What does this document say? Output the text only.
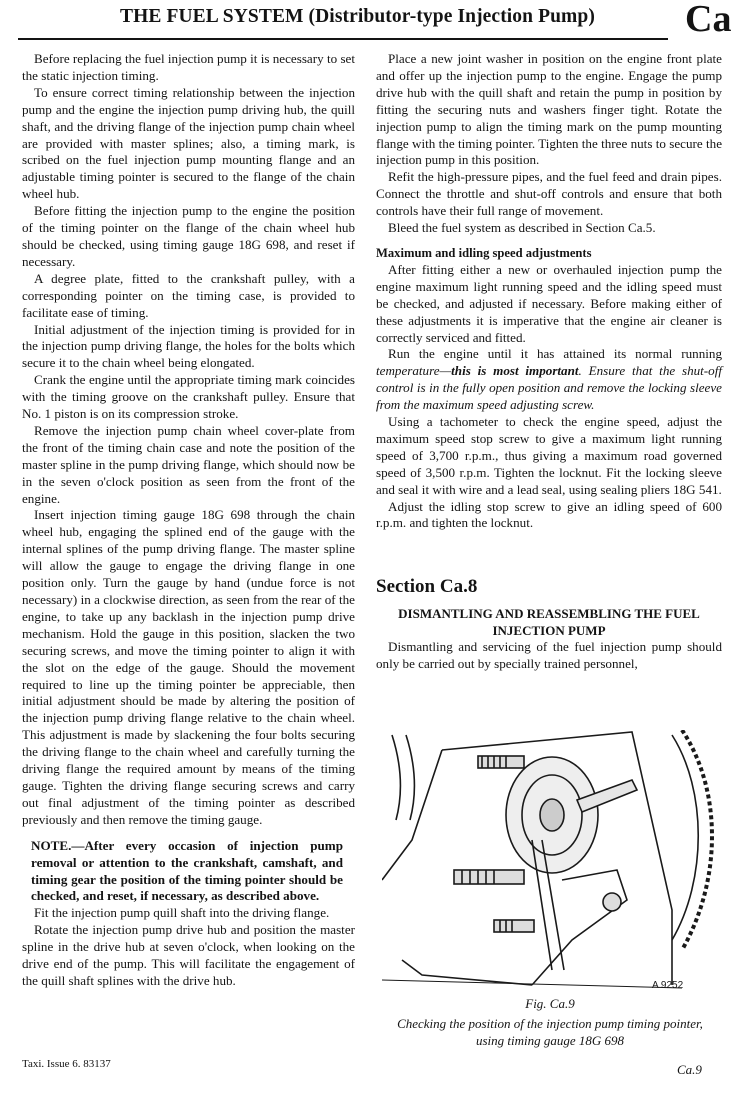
THE FUEL SYSTEM (Distributor-type Injection Pump) Ca

Before replacing the fuel injection pump it is necessary to set the static injection timing.

To ensure correct timing relationship between the injection pump and the engine the injection pump driving hub, the quill shaft, and the driving flange of the injection pump chain wheel are provided with master splines; also, a timing mark, is scribed on the fuel injection pump mounting flange and an adjustable timing pointer is secured to the flange of the chain wheel hub.

Before fitting the injection pump to the engine the position of the timing pointer on the flange of the chain wheel hub should be checked, using timing gauge 18G 698, and reset if necessary.

A degree plate, fitted to the crankshaft pulley, with a corresponding pointer on the timing case, is provided to facilitate ease of timing.

Initial adjustment of the injection timing is provided for in the injection pump driving flange, the holes for the bolts which secure it to the chain wheel being elongated.

Crank the engine until the appropriate timing mark coincides with the timing groove on the crankshaft pulley. Ensure that No. 1 piston is on its compression stroke.

Remove the injection pump chain wheel cover-plate from the front of the timing chain case and note the position of the master spline in the pump driving flange, which should now be in the seven o'clock position as seen from the front of the engine.

Insert injection timing gauge 18G 698 through the chain wheel hub, engaging the splined end of the gauge with the internal splines of the pump driving flange. The master spline will allow the gauge to engage the driving flange in one position only. Turn the gauge by hand (undue force is not necessary) in a clockwise direction, as seen from the rear of the engine, to take up any backlash in the injection pump drive mechanism. Hold the gauge in this position, slacken the two securing screws, and move the timing pointer to align it with the slot on the edge of the gauge. Should the movement required to line up the timing pointer be appreciable, then initial adjustment should be made by altering the position of the injection pump driving flange relative to the chain wheel. This adjustment is made by slackening the four bolts securing the driving flange to the chain wheel and carefully turning the driving flange the required amount by means of the timing gauge. Tighten the driving flange securing screws and carry out final adjustment of the timing pointer as described previously and then remove the timing gauge.

NOTE.—After every occasion of injection pump removal or attention to the crankshaft, camshaft, and timing gear the position of the timing pointer should be checked, and reset, if necessary, as described above.

Fit the injection pump quill shaft into the driving flange.

Rotate the injection pump drive hub and position the master spline in the drive hub at seven o'clock, when looking on the drive end of the pump. This will facilitate the engagement of the quill shaft splines with the drive hub.

Place a new joint washer in position on the engine front plate and offer up the injection pump to the engine. Engage the pump drive hub with the quill shaft and retain the pump in position by fitting the securing nuts and washers finger tight. Rotate the injection pump to align the timing mark on the pump mounting flange with the timing pointer. Tighten the three nuts to secure the injection pump in this position.

Refit the high-pressure pipes, and the fuel feed and drain pipes. Connect the throttle and shut-off controls and ensure that both controls have their full range of movement.

Bleed the fuel system as described in Section Ca.5.

Maximum and idling speed adjustments

After fitting either a new or overhauled injection pump the engine maximum light running speed and the idling speed must be checked, and adjusted if necessary. Before making either of these adjustments it is imperative that the engine air cleaner is correctly serviced and fitted.

Run the engine until it has attained its normal running temperature—this is most important. Ensure that the shut-off control is in the fully open position and remove the locking sleeve from the maximum speed adjusting screw.

Using a tachometer to check the engine speed, adjust the maximum speed stop screw to give a maximum light running speed of 3,700 r.p.m., thus giving a maximum road governed speed of 3,500 r.p.m. Tighten the locknut. Fit the locking sleeve and seal it with wire and a lead seal, using sealing pliers 18G 541.

Adjust the idling stop screw to give an idling speed of 600 r.p.m. and tighten the locknut.

Section Ca.8
DISMANTLING AND REASSEMBLING THE FUEL INJECTION PUMP

Dismantling and servicing of the fuel injection pump should only be carried out by specially trained personnel,

A 9252
Fig. Ca.9
Checking the position of the injection pump timing pointer, using timing gauge 18G 698
Taxi. Issue 6. 83137	Ca.9
